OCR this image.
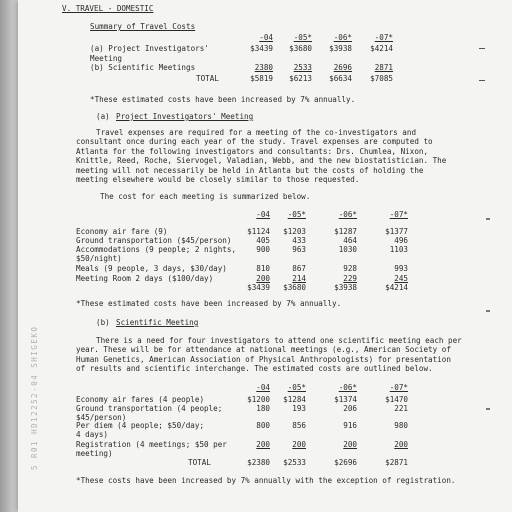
5 R01 HD12252-04 SHIGEKO
V. TRAVEL - DOMESTIC
Summary of Travel Costs
-04	-05*	-06*	-07*
(a) Project Investigators'	$3439	$3680	$3938	$4214
Meeting
(b) Scientific Meetings	2380	2533	2696	2871
TOTAL	$5819	$6213	$6634	$7085
*These estimated costs have been increased by 7% annually.
(a) Project Investigators' Meeting
Travel expenses are required for a meeting of the co-investigators and
consultant once during each year of the study. Travel expenses are computed to
Atlanta for the following investigators and consultants: Drs. Chumlea, Nixon,
Knittle, Reed, Roche, Siervogel, Valadian, Webb, and the new biostatistician. The
meeting will not necessarily be held in Atlanta but the costs of holding the
meeting elsewhere would be closely similar to those requested.
The cost for each meeting is summarized below.
-04	-05*	-06*	-07*
Economy air fare (9)	$1124	$1203	$1287	$1377
Ground transportation ($45/person)	405	433	464	496
Accommodations (9 people; 2 nights,
$50/night)
900	963	1030	1103
Meals (9 people, 3 days, $30/day)	810	867	928	993
Meeting Room 2 days ($100/day)	200	214	229	245
$3439	$3680	$3938	$4214
*These estimated costs have been increased by 7% annually.
(b) Scientific Meeting
There is a need for four investigators to attend one scientific meeting each per
year. These will be for attendance at national meetings (e.g., American Society of
Human Genetics, American Association of Physical Anthropologists) for presentation
of results and scientific interchange. The estimated costs are outlined below.
-04	-05*	-06*	-07*
Economy air fares (4 people)	$1200	$1284	$1374	$1470
Ground transportation (4 people;
$45/person)
180	193	206	221
Per diem (4 people; $50/day;
4 days)
800	856	916	980
Registration (4 meetings; $50 per
meeting)
200	200	200	200
TOTAL	$2380	$2533	$2696	$2871
*These costs have been increased by 7% annually with the exception of registration.
